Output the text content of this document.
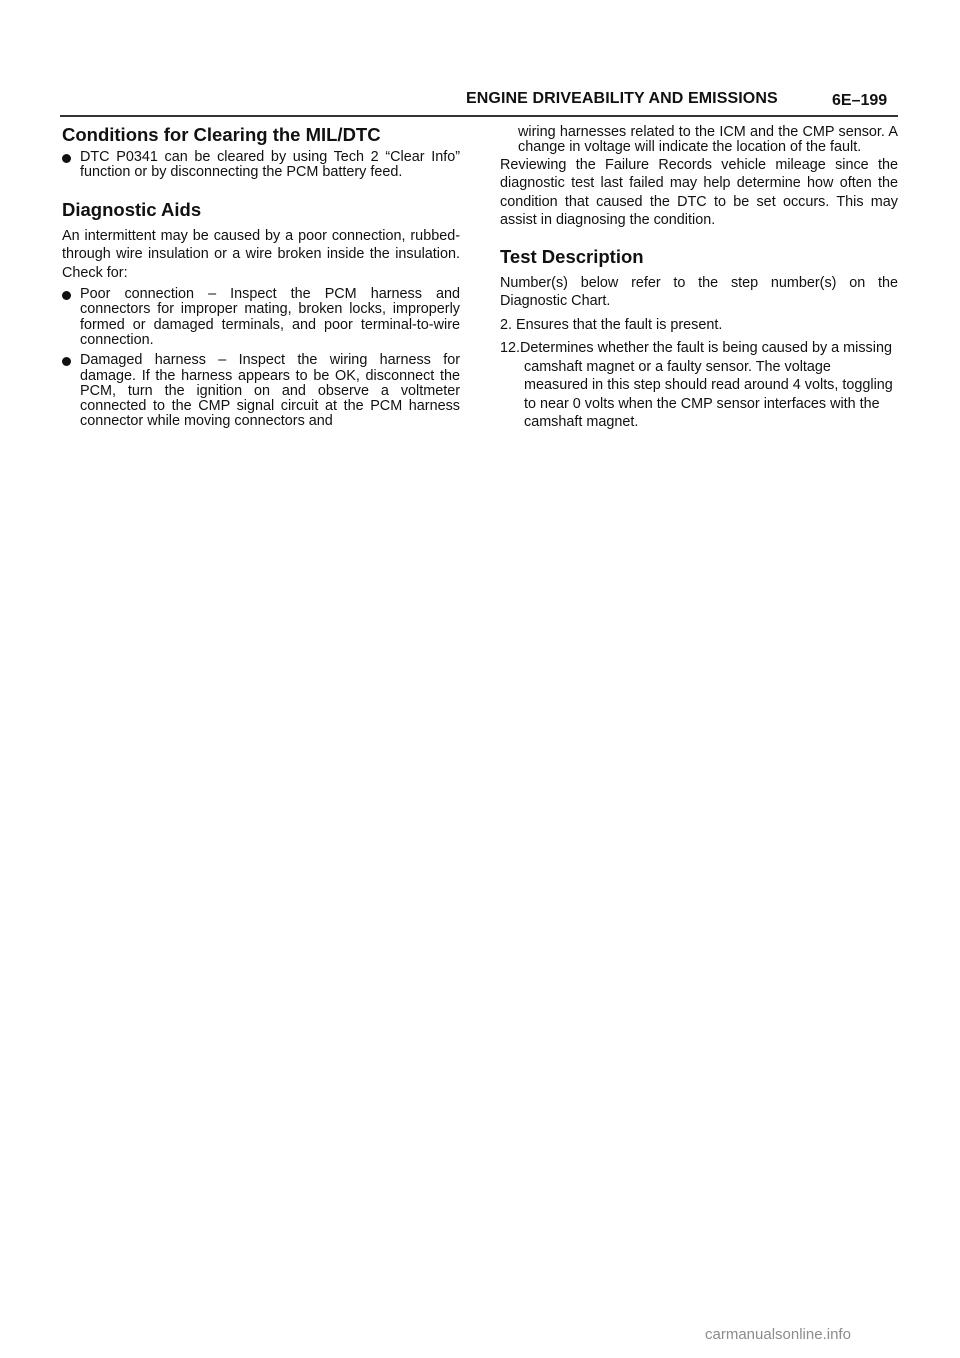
ENGINE DRIVEABILITY AND EMISSIONS	6E–199
Conditions for Clearing the MIL/DTC

DTC P0341 can be cleared by using Tech 2 “Clear Info” function or by disconnecting the PCM battery feed.

Diagnostic Aids

An intermittent may be caused by a poor connection, rubbed-through wire insulation or a wire broken inside the insulation. Check for:

Poor connection – Inspect the PCM harness and connectors for improper mating, broken locks, improperly formed or damaged terminals, and poor terminal-to-wire connection.

Damaged harness – Inspect the wiring harness for damage. If the harness appears to be OK, disconnect the PCM, turn the ignition on and observe a voltmeter connected to the CMP signal circuit at the PCM harness connector while moving connectors and

wiring harnesses related to the ICM and the CMP sensor. A change in voltage will indicate the location of the fault.

Reviewing the Failure Records vehicle mileage since the diagnostic test last failed may help determine how often the condition that caused the DTC to be set occurs. This may assist in diagnosing the condition.

Test Description

Number(s) below refer to the step number(s) on the Diagnostic Chart.

2. Ensures that the fault is present.

12.Determines whether the fault is being caused by a missing camshaft magnet or a faulty sensor. The voltage measured in this step should read around 4 volts, toggling to near 0 volts when the CMP sensor interfaces with the camshaft magnet.

carmanualsonline.info
